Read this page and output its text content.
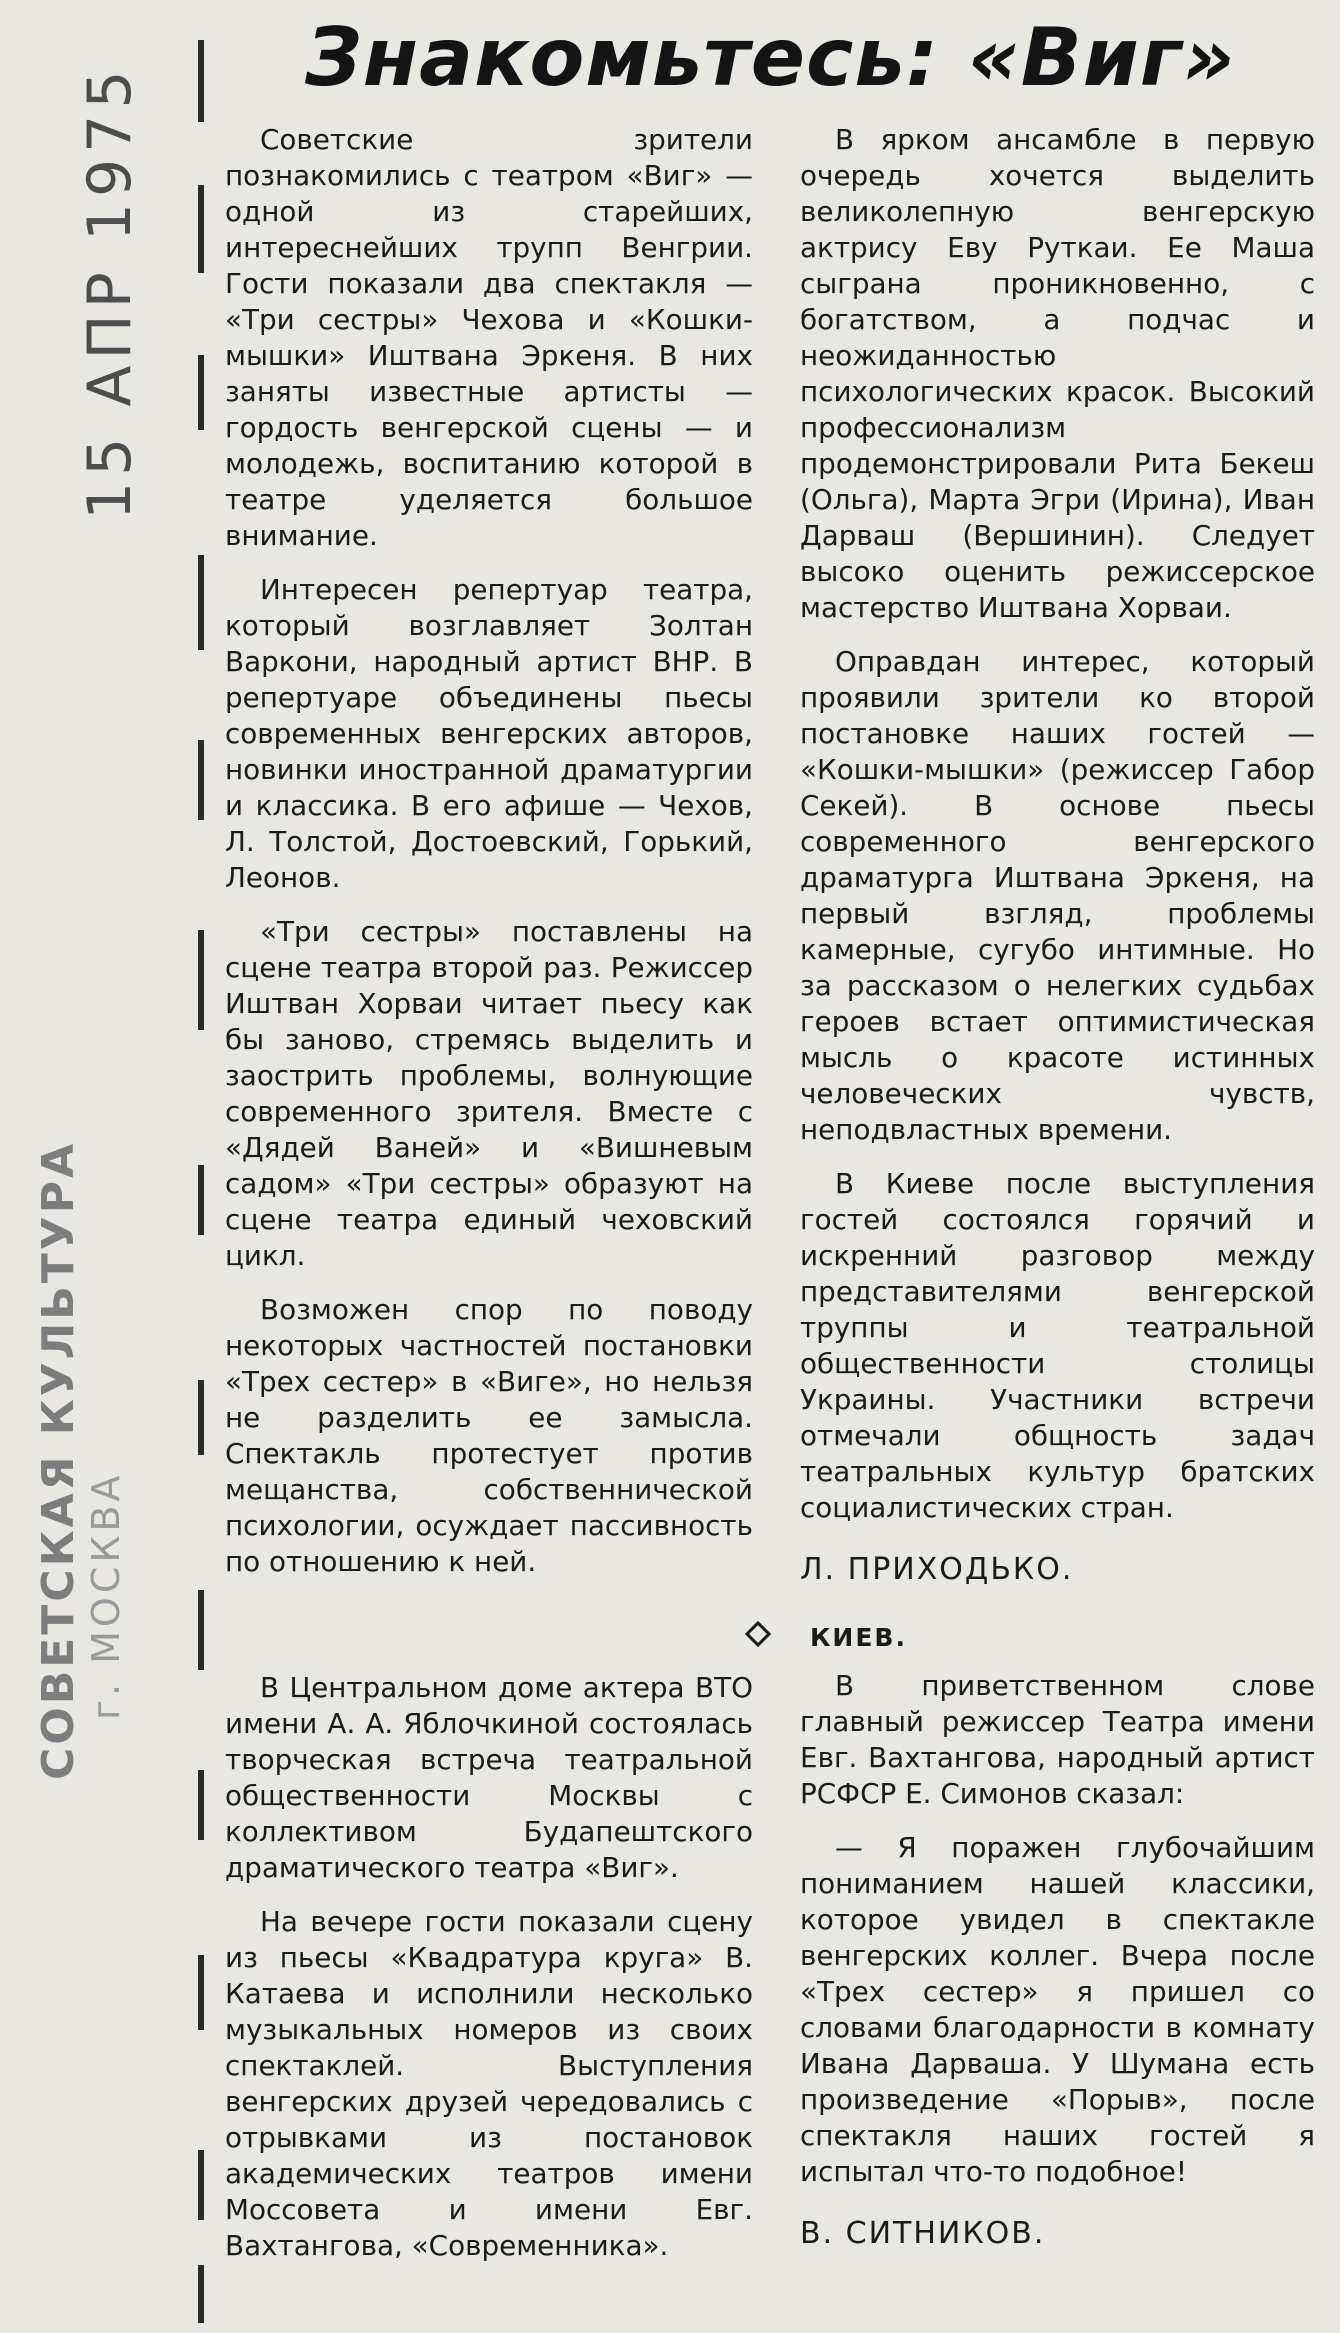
15 АПР 1975
СОВЕТСКАЯ КУЛЬТУРА г. МОСКВА
Знакомьтесь: «Виг»

Советские зрители познакомились с театром «Виг» — одной из старейших, интереснейших трупп Венгрии. Гости показали два спектакля — «Три сестры» Чехова и «Кошки-мышки» Иштвана Эркеня. В них заняты известные артисты — гордость венгерской сцены — и молодежь, воспитанию которой в театре уделяется большое внимание.

Интересен репертуар театра, который возглавляет Золтан Варкони, народный артист ВНР. В репертуаре объединены пьесы современных венгерских авторов, новинки иностранной драматургии и классика. В его афише — Чехов, Л. Толстой, Достоевский, Горький, Леонов.

«Три сестры» поставлены на сцене театра второй раз. Режиссер Иштван Хорваи читает пьесу как бы заново, стремясь выделить и заострить проблемы, волнующие современного зрителя. Вместе с «Дядей Ваней» и «Вишневым садом» «Три сестры» образуют на сцене театра единый чеховский цикл.

Возможен спор по поводу некоторых частностей постановки «Трех сестер» в «Виге», но нельзя не разделить ее замысла. Спектакль протестует против мещанства, собственнической психологии, осуждает пассивность по отношению к ней.

В ярком ансамбле в первую очередь хочется выделить великолепную венгерскую актрису Еву Руткаи. Ее Маша сыграна проникновенно, с богатством, а подчас и неожиданностью психологических красок. Высокий профессионализм продемонстрировали Рита Бекеш (Ольга), Марта Эгри (Ирина), Иван Дарваш (Вершинин). Следует высоко оценить режиссерское мастерство Иштвана Хорваи.

Оправдан интерес, который проявили зрители ко второй постановке наших гостей — «Кошки-мышки» (режиссер Габор Секей). В основе пьесы современного венгерского драматурга Иштвана Эркеня, на первый взгляд, проблемы камерные, сугубо интимные. Но за рассказом о нелегких судьбах героев встает оптимистическая мысль о красоте истинных человеческих чувств, неподвластных времени.

В Киеве после выступления гостей состоялся горячий и искренний разговор между представителями венгерской труппы и театральной общественности столицы Украины. Участники встречи отмечали общность задач театральных культур братских социалистических стран.

Л. ПРИХОДЬКО.

КИЕВ.

В Центральном доме актера ВТО имени А. А. Яблочкиной состоялась творческая встреча театральной общественности Москвы с коллективом Будапештского драматического театра «Виг».

На вечере гости показали сцену из пьесы «Квадратура круга» В. Катаева и исполнили несколько музыкальных номеров из своих спектаклей. Выступления венгерских друзей чередовались с отрывками из постановок академических театров имени Моссовета и имени Евг. Вахтангова, «Современника».

В приветственном слове главный режиссер Театра имени Евг. Вахтангова, народный артист РСФСР Е. Симонов сказал:

— Я поражен глубочайшим пониманием нашей классики, которое увидел в спектакле венгерских коллег. Вчера после «Трех сестер» я пришел со словами благодарности в комнату Ивана Дарваша. У Шумана есть произведение «Порыв», после спектакля наших гостей я испытал что-то подобное!

В. СИТНИКОВ.
